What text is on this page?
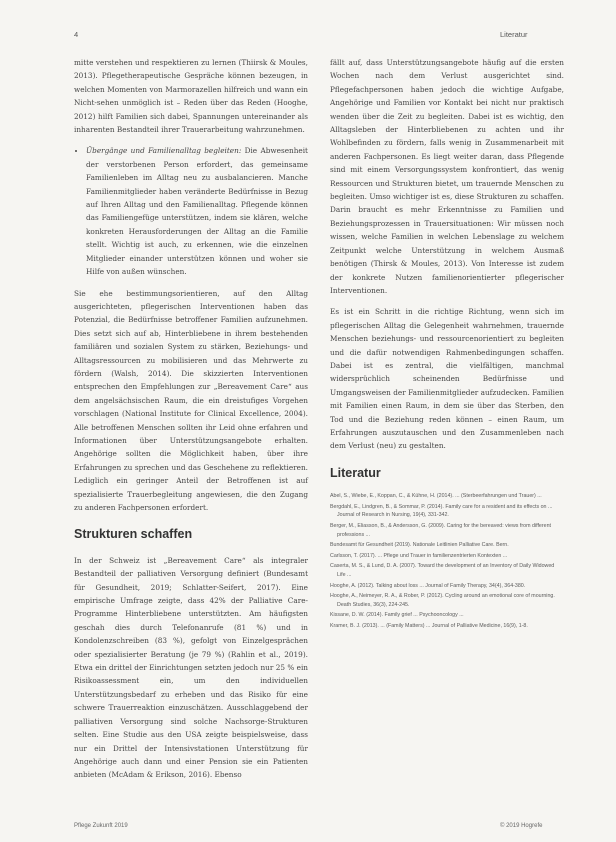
4	Literatur

mitte verstehen und respektieren zu lernen (Thiirsk & Moules, 2013). Pflegetherapeutische Gespräche können bezeugen, in welchen Momenten von Marmorazellen hilfreich und wann ein Nicht-sehen unmöglich ist – Reden über das Reden (Hooghe, 2012) hilft Familien sich dabei, Spannungen untereinander als inharenten Bestandteil ihrer Trauerarbeitung wahrzunehmen.

• Übergänge und Familienalltag begleiten: Die Abwesenheit der verstorbenen Person erfordert, das gemeinsame Familienleben im Alltag neu zu ausbalancieren. Manche Familienmitglieder haben veränderte Bedürfnisse in Bezug auf Ihren Alltag und den Familienalltag. Pflegende können das Familiengefüge unterstützen, indem sie klären, welche konkreten Herausforderungen der Alltag an die Familie stellt. Wichtig ist auch, zu erkennen, wie die einzelnen Mitglieder einander unterstützen können und woher sie Hilfe von außen wünschen.

Sie ehe bestimmungsorientieren, auf den Alltag ausgerichteten, pflegerischen Interventionen haben das Potenzial, die Bedürfnisse betroffener Familien aufzunehmen. Dies setzt sich auf ab, Hinterbliebene in ihrem bestehenden familiären und sozialen System zu stärken, Beziehungs- und Alltagsressourcen zu mobilisieren und das Mehrwerte zu fördern (Walsh, 2014). Die skizzierten Interventionen entsprechen den Empfehlungen zur „Bereavement Care“ aus dem angelsächsischen Raum, die ein dreistufiges Vorgehen vorschlagen (National Institute for Clinical Excellence, 2004). Alle betroffenen Menschen sollten ihr Leid ohne erfahren und Informationen über Unterstützungsangebote erhalten. Angehörige sollten die Möglichkeit haben, über ihre Erfahrungen zu sprechen und das Geschehene zu reflektieren. Lediglich ein geringer Anteil der Betroffenen ist auf spezialisierte Trauerbegleitung angewiesen, die den Zugang zu anderen Fachpersonen erfordert.

Strukturen schaffen

In der Schweiz ist „Bereavement Care“ als integraler Bestandteil der palliativen Versorgung definiert (Bundesamt für Gesundheit, 2019; Schlatter-Seifert, 2017). Eine empirische Umfrage zeigte, dass 42% der Palliative Care-Programme Hinterbliebene unterstützten. Am häufigsten geschah dies durch Telefonanrufe (81 %) und in Kondolenzschreiben (83 %), gefolgt von Einzelgesprächen oder spezialisierter Beratung (je 79 %) (Rahlin et al., 2019). Etwa ein drittel der Einrichtungen setzten jedoch nur 25 % ein Risikoassessment ein, um den individuellen Unterstützungsbedarf zu erheben und das Risiko für eine schwere Trauerreaktion einzuschätzen. Ausschlaggebend der palliativen Versorgung sind solche Nachsorge-Strukturen selten. Eine Studie aus den USA zeigte beispielsweise, dass nur ein Drittel der Intensivstationen Unterstützung für Angehörige auch dann und einer Pension sie ein Patienten anbieten (McAdam & Erikson, 2016). Ebenso

fällt auf, dass Unterstützungsangebote häufig auf die ersten Wochen nach dem Verlust ausgerichtet sind. Pflegefachpersonen haben jedoch die wichtige Aufgabe, Angehörige und Familien vor Kontakt bei nicht nur praktisch wenden über die Zeit zu begleiten. Dabei ist es wichtig, den Alltagsleben der Hinterbliebenen zu achten und ihr Wohlbefinden zu fördern, falls wenig in Zusammenarbeit mit anderen Fachpersonen. Es liegt weiter daran, dass Pflegende sind mit einem Versorgungssystem konfrontiert, das wenig Ressourcen und Strukturen bietet, um trauernde Menschen zu begleiten. Umso wichtiger ist es, diese Strukturen zu schaffen. Darin braucht es mehr Erkenntnisse zu Familien und Beziehungsprozessen in Trauersituationen: Wir müssen noch wissen, welche Familien in welchen Lebenslage zu welchem Zeitpunkt welche Unterstützung in welchem Ausmaß benötigen (Thirsk & Moules, 2013). Von Interesse ist zudem der konkrete Nutzen familienorientierter pflegerischer Interventionen.

Es ist ein Schritt in die richtige Richtung, wenn sich im pflegerischen Alltag die Gelegenheit wahrnehmen, trauernde Menschen beziehungs- und ressourcenorientiert zu begleiten und die dafür notwendigen Rahmenbedingungen schaffen. Dabei ist es zentral, die vielfältigen, manchmal widersprüchlich scheinenden Bedürfnisse und Umgangsweisen der Familienmitglieder aufzudecken. Familien mit Familien einen Raum, in dem sie über das Sterben, den Tod und die Beziehung reden können – einen Raum, um Erfahrungen auszutauschen und den Zusammenleben nach dem Verlust (neu) zu gestalten.

Literatur
Abel, S., Wiebe, E., Koppan, C., & Kühne, H. (2014). ... (Sterbeerfahrungen und Trauer) ...
Bergdahl, E., Lindgren, B., & Sommar, P. (2014). Family care for a resident and its effects on ... Journal of Research in Nursing, 19(4), 331-342.
Berger, M., Eliasson, B., & Andersson, G. (2009). Caring for the bereaved: views from different professions ...
Bundesamt für Gesundheit (2019). Nationale Leitlinien Palliative Care. Bern.
Carlsson, T. (2017). ... Pflege und Trauer in familienzentrierten Kontexten ...
Caserta, M. S., & Lund, D. A. (2007). Toward the development of an Inventory of Daily Widowed Life ...
Hooghe, A. (2012). Talking about loss ... Journal of Family Therapy, 34(4), 364-380.
Hooghe, A., Neimeyer, R. A., & Rober, P. (2012). Cycling around an emotional core of mourning. Death Studies, 36(3), 224-245.
Kissane, D. W. (2014). Family grief ... Psychooncology ...
Kramer, B. J. (2013). ... (Family Matters) ... Journal of Palliative Medicine, 16(9), 1-8.
Pflege Zukunft 2019	© 2019 Hogrefe
